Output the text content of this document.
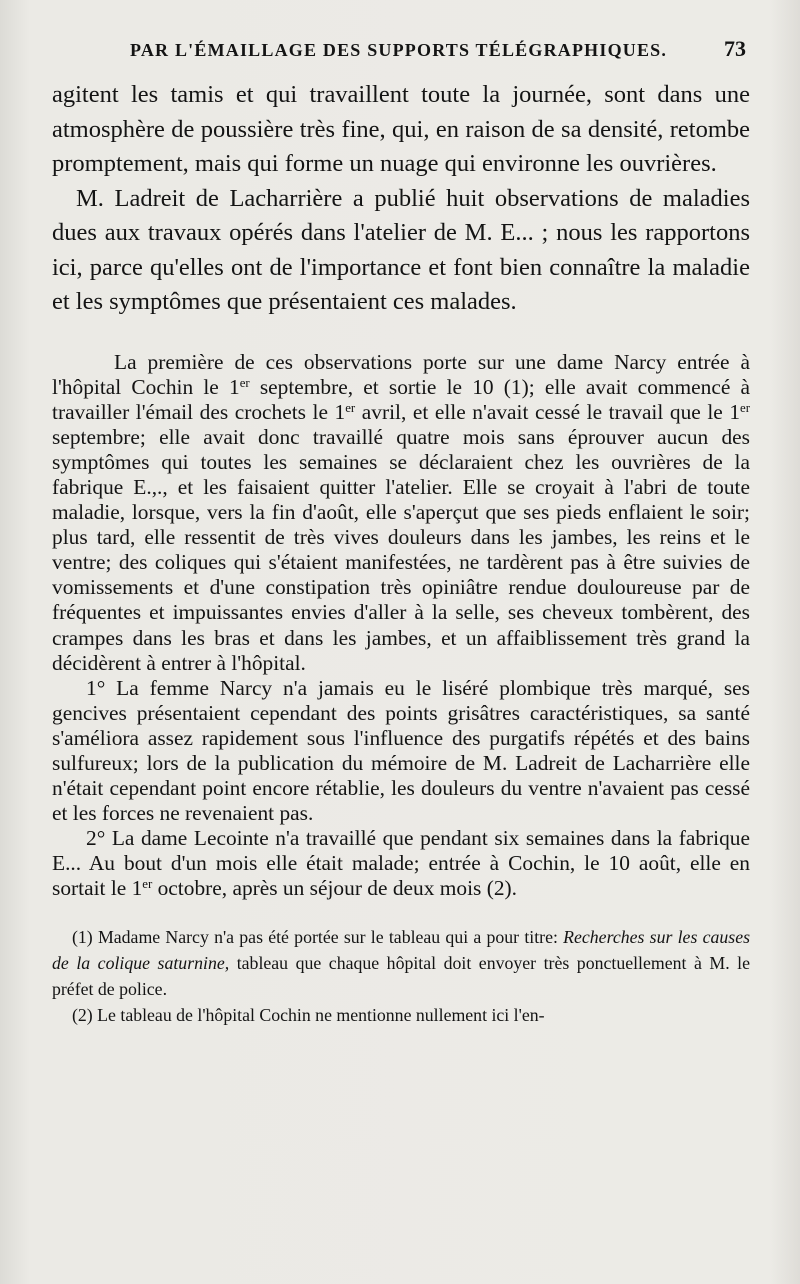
PAR L'ÉMAILLAGE DES SUPPORTS TÉLÉGRAPHIQUES.	73

agitent les tamis et qui travaillent toute la journée, sont dans une atmosphère de poussière très fine, qui, en raison de sa densité, retombe promptement, mais qui forme un nuage qui environne les ouvrières.

M. Ladreit de Lacharrière a publié huit observations de maladies dues aux travaux opérés dans l'atelier de M. E... ; nous les rapportons ici, parce qu'elles ont de l'importance et font bien connaître la maladie et les symptômes que présentaient ces malades.

La première de ces observations porte sur une dame Narcy entrée à l'hôpital Cochin le 1er septembre, et sortie le 10 (1); elle avait commencé à travailler l'émail des crochets le 1er avril, et elle n'avait cessé le travail que le 1er septembre; elle avait donc travaillé quatre mois sans éprouver aucun des symptômes qui toutes les semaines se déclaraient chez les ouvrières de la fabrique E.,., et les faisaient quitter l'atelier. Elle se croyait à l'abri de toute maladie, lorsque, vers la fin d'août, elle s'aperçut que ses pieds enflaient le soir; plus tard, elle ressentit de très vives douleurs dans les jambes, les reins et le ventre; des coliques qui s'étaient manifestées, ne tardèrent pas à être suivies de vomissements et d'une constipation très opiniâtre rendue douloureuse par de fréquentes et impuissantes envies d'aller à la selle, ses cheveux tombèrent, des crampes dans les bras et dans les jambes, et un affaiblissement très grand la décidèrent à entrer à l'hôpital.

1° La femme Narcy n'a jamais eu le liséré plombique très marqué, ses gencives présentaient cependant des points grisâtres caractéristiques, sa santé s'améliora assez rapidement sous l'influence des purgatifs répétés et des bains sulfureux; lors de la publication du mémoire de M. Ladreit de Lacharrière elle n'était cependant point encore rétablie, les douleurs du ventre n'avaient pas cessé et les forces ne revenaient pas.

2° La dame Lecointe n'a travaillé que pendant six semaines dans la fabrique E... Au bout d'un mois elle était malade; entrée à Cochin, le 10 août, elle en sortait le 1er octobre, après un séjour de deux mois (2).

(1) Madame Narcy n'a pas été portée sur le tableau qui a pour titre: Recherches sur les causes de la colique saturnine, tableau que chaque hôpital doit envoyer très ponctuellement à M. le préfet de police.

(2) Le tableau de l'hôpital Cochin ne mentionne nullement ici l'en-
